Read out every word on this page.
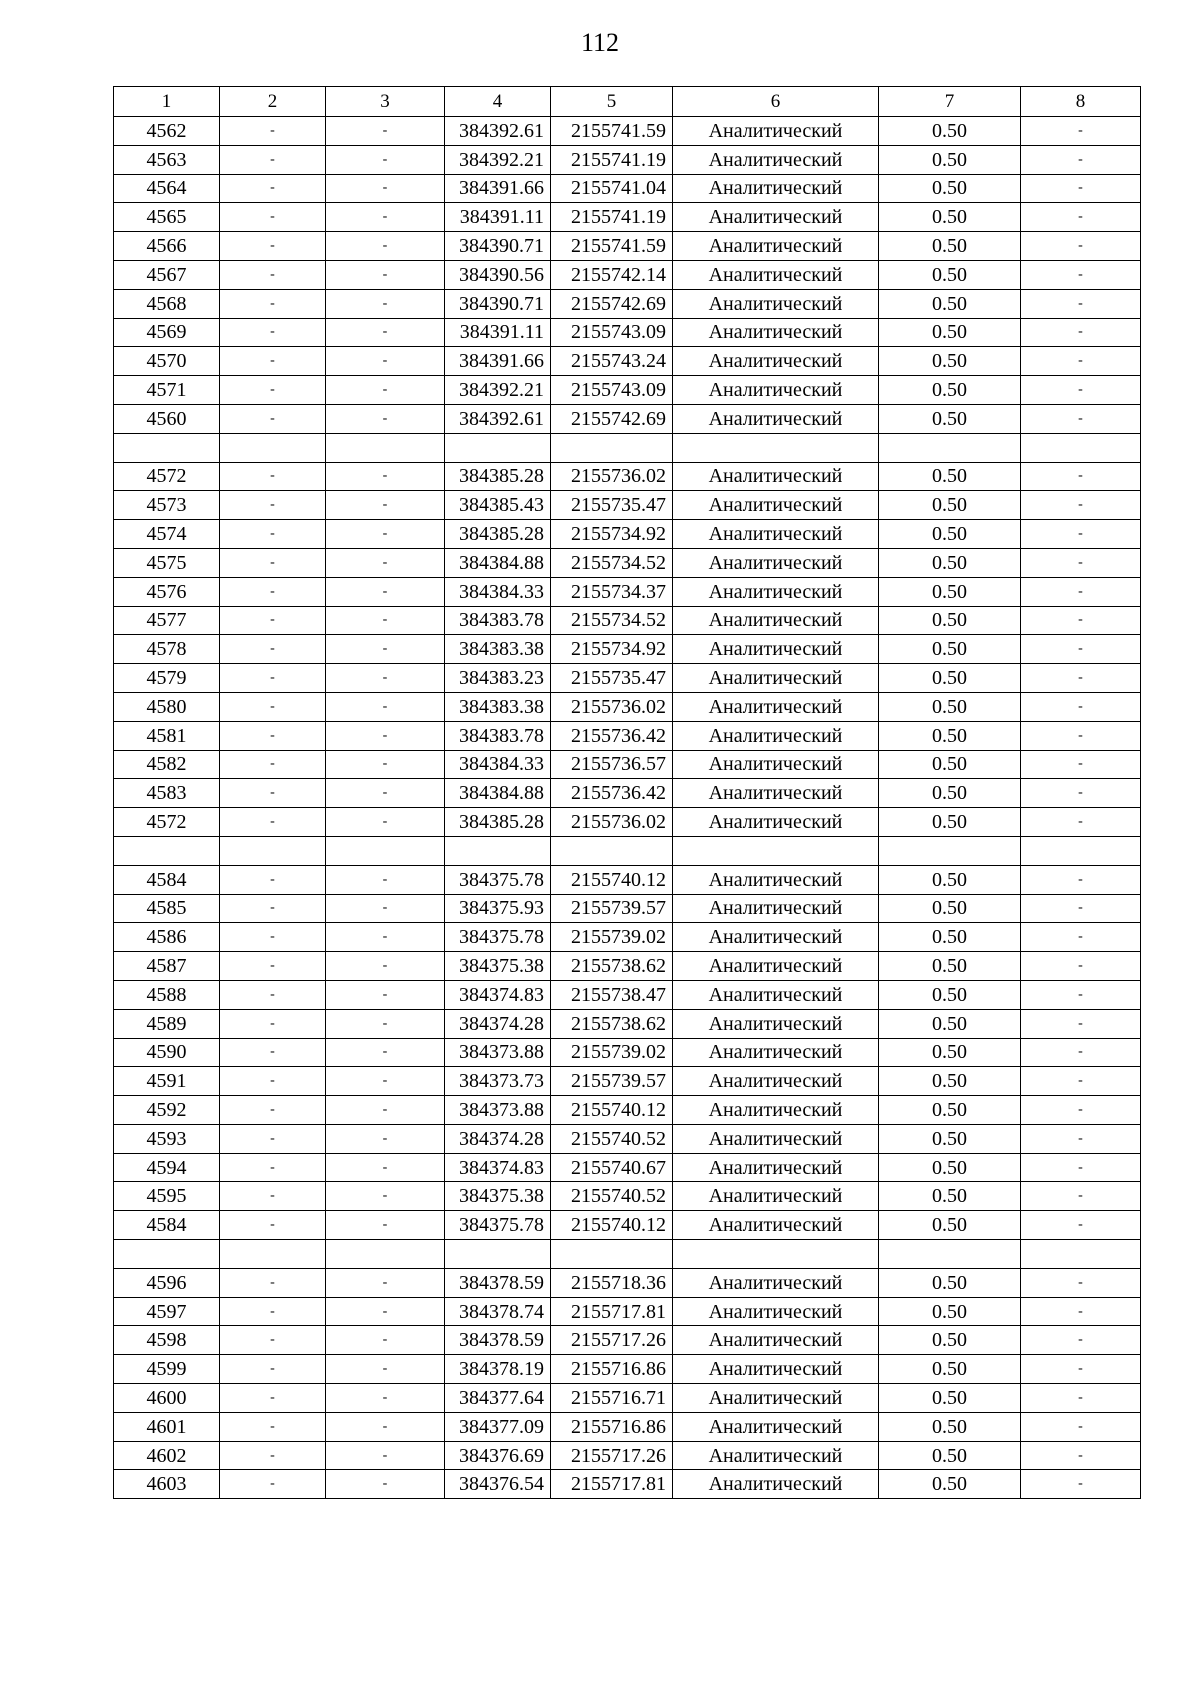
112
1	2	3	4	5	6	7	8
4562	-	-	384392.61	2155741.59	Аналитический	0.50	-
4563	-	-	384392.21	2155741.19	Аналитический	0.50	-
4564	-	-	384391.66	2155741.04	Аналитический	0.50	-
4565	-	-	384391.11	2155741.19	Аналитический	0.50	-
4566	-	-	384390.71	2155741.59	Аналитический	0.50	-
4567	-	-	384390.56	2155742.14	Аналитический	0.50	-
4568	-	-	384390.71	2155742.69	Аналитический	0.50	-
4569	-	-	384391.11	2155743.09	Аналитический	0.50	-
4570	-	-	384391.66	2155743.24	Аналитический	0.50	-
4571	-	-	384392.21	2155743.09	Аналитический	0.50	-
4560	-	-	384392.61	2155742.69	Аналитический	0.50	-

4572	-	-	384385.28	2155736.02	Аналитический	0.50	-
4573	-	-	384385.43	2155735.47	Аналитический	0.50	-
4574	-	-	384385.28	2155734.92	Аналитический	0.50	-
4575	-	-	384384.88	2155734.52	Аналитический	0.50	-
4576	-	-	384384.33	2155734.37	Аналитический	0.50	-
4577	-	-	384383.78	2155734.52	Аналитический	0.50	-
4578	-	-	384383.38	2155734.92	Аналитический	0.50	-
4579	-	-	384383.23	2155735.47	Аналитический	0.50	-
4580	-	-	384383.38	2155736.02	Аналитический	0.50	-
4581	-	-	384383.78	2155736.42	Аналитический	0.50	-
4582	-	-	384384.33	2155736.57	Аналитический	0.50	-
4583	-	-	384384.88	2155736.42	Аналитический	0.50	-
4572	-	-	384385.28	2155736.02	Аналитический	0.50	-

4584	-	-	384375.78	2155740.12	Аналитический	0.50	-
4585	-	-	384375.93	2155739.57	Аналитический	0.50	-
4586	-	-	384375.78	2155739.02	Аналитический	0.50	-
4587	-	-	384375.38	2155738.62	Аналитический	0.50	-
4588	-	-	384374.83	2155738.47	Аналитический	0.50	-
4589	-	-	384374.28	2155738.62	Аналитический	0.50	-
4590	-	-	384373.88	2155739.02	Аналитический	0.50	-
4591	-	-	384373.73	2155739.57	Аналитический	0.50	-
4592	-	-	384373.88	2155740.12	Аналитический	0.50	-
4593	-	-	384374.28	2155740.52	Аналитический	0.50	-
4594	-	-	384374.83	2155740.67	Аналитический	0.50	-
4595	-	-	384375.38	2155740.52	Аналитический	0.50	-
4584	-	-	384375.78	2155740.12	Аналитический	0.50	-

4596	-	-	384378.59	2155718.36	Аналитический	0.50	-
4597	-	-	384378.74	2155717.81	Аналитический	0.50	-
4598	-	-	384378.59	2155717.26	Аналитический	0.50	-
4599	-	-	384378.19	2155716.86	Аналитический	0.50	-
4600	-	-	384377.64	2155716.71	Аналитический	0.50	-
4601	-	-	384377.09	2155716.86	Аналитический	0.50	-
4602	-	-	384376.69	2155717.26	Аналитический	0.50	-
4603	-	-	384376.54	2155717.81	Аналитический	0.50	-
